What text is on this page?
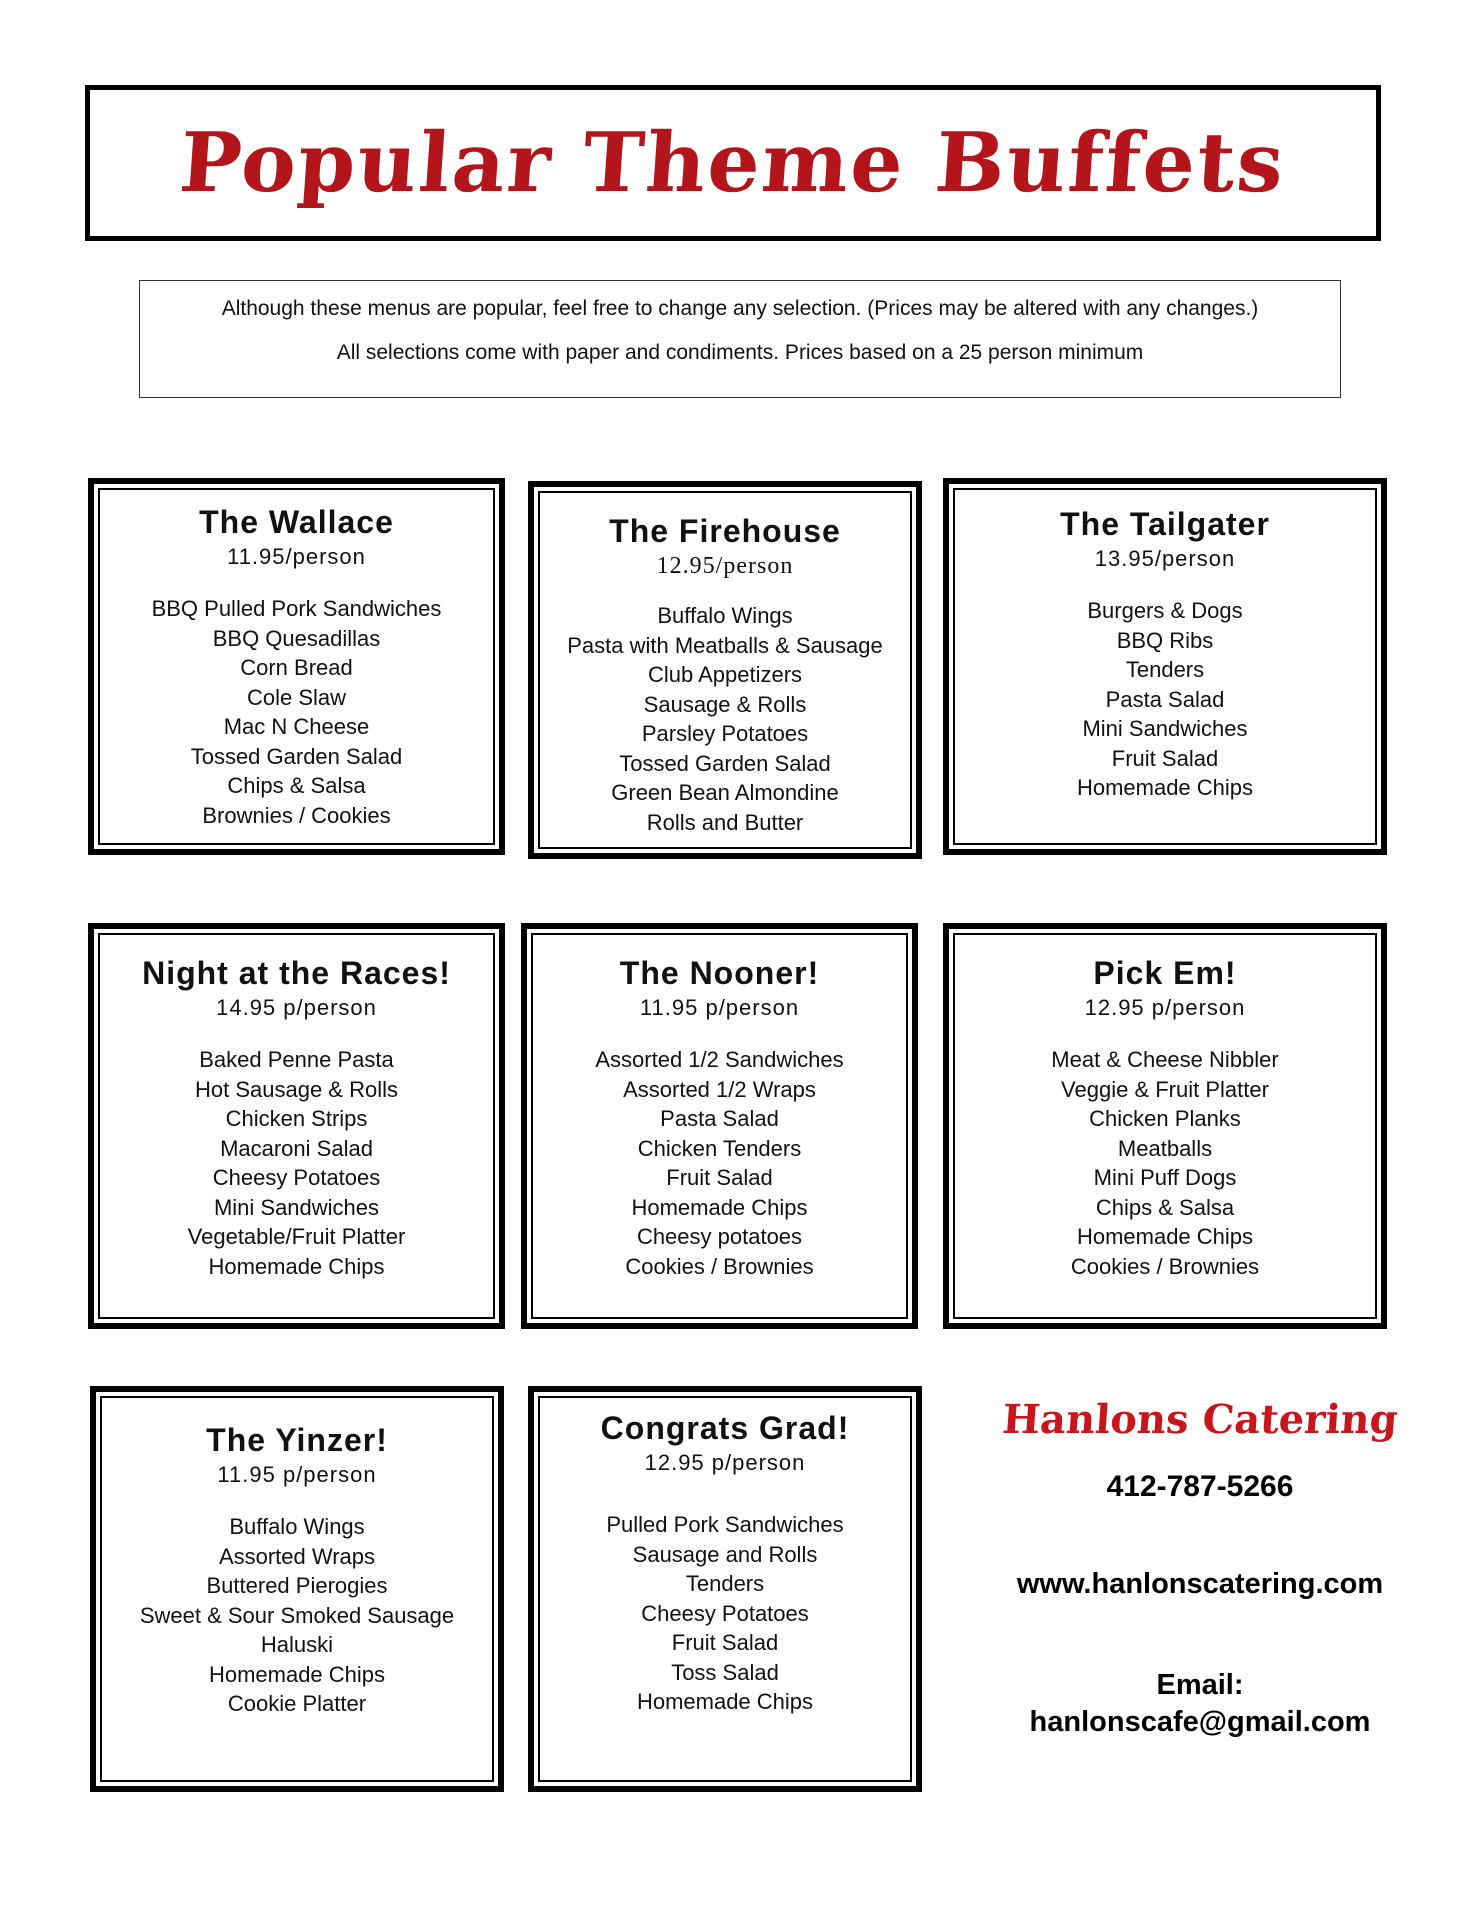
Popular Theme Buffets

Although these menus are popular, feel free to change any selection. (Prices may be altered with any changes.)

All selections come with paper and condiments. Prices based on a 25 person minimum

The Wallace

11.95/person

BBQ Pulled Pork Sandwiches
BBQ Quesadillas
Corn Bread
Cole Slaw
Mac N Cheese
Tossed Garden Salad
Chips & Salsa
Brownies / Cookies

The Firehouse

12.95/person

Buffalo Wings
Pasta with Meatballs & Sausage
Club Appetizers
Sausage & Rolls
Parsley Potatoes
Tossed Garden Salad
Green Bean Almondine
Rolls and Butter

The Tailgater

13.95/person

Burgers & Dogs
BBQ Ribs
Tenders
Pasta Salad
Mini Sandwiches
Fruit Salad
Homemade Chips

Night at the Races!

14.95 p/person

Baked Penne Pasta
Hot Sausage & Rolls
Chicken Strips
Macaroni Salad
Cheesy Potatoes
Mini Sandwiches
Vegetable/Fruit Platter
Homemade Chips

The Nooner!

11.95 p/person

Assorted 1/2 Sandwiches
Assorted 1/2 Wraps
Pasta Salad
Chicken Tenders
Fruit Salad
Homemade Chips
Cheesy potatoes
Cookies / Brownies

Pick Em!

12.95 p/person

Meat & Cheese Nibbler
Veggie & Fruit Platter
Chicken Planks
Meatballs
Mini Puff Dogs
Chips & Salsa
Homemade Chips
Cookies / Brownies

The Yinzer!

11.95 p/person

Buffalo Wings
Assorted Wraps
Buttered Pierogies
Sweet & Sour Smoked Sausage
Haluski
Homemade Chips
Cookie Platter

Congrats Grad!

12.95 p/person

Pulled Pork Sandwiches
Sausage and Rolls
Tenders
Cheesy Potatoes
Fruit Salad
Toss Salad
Homemade Chips

Hanlons Catering

412-787-5266

www.hanlonscatering.com

Email:

hanlonscafe@gmail.com
